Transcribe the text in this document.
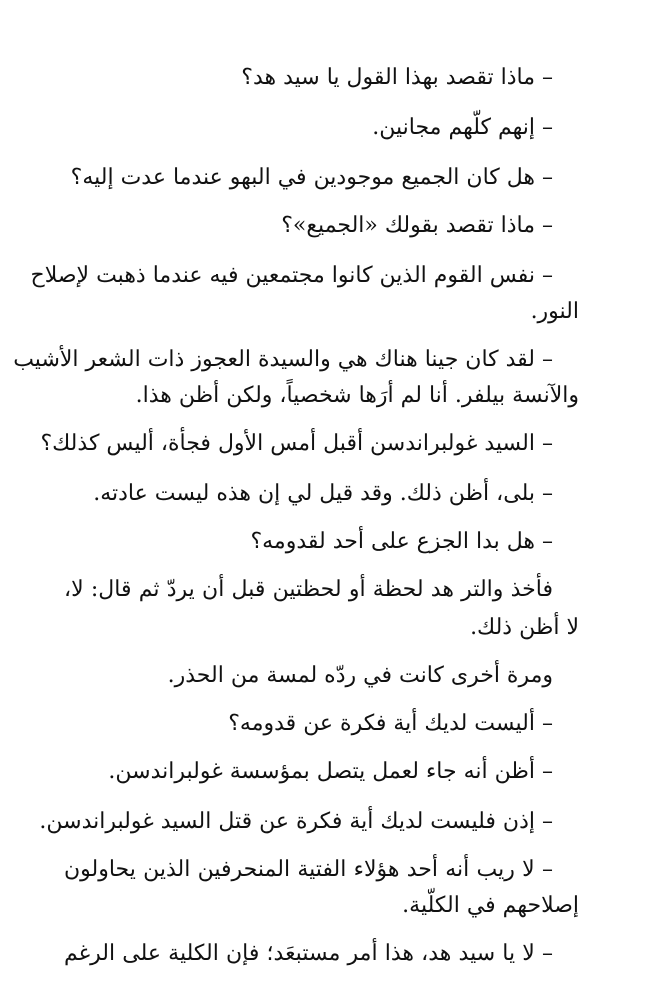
– ماذا تقصد بهذا القول يا سيد هد؟
– إنهم كلّهم مجانين.
– هل كان الجميع موجودين في البهو عندما عدت إليه؟
– ماذا تقصد بقولك «الجميع»؟
– نفس القوم الذين كانوا مجتمعين فيه عندما ذهبت لإصلاح
النور.
– لقد كان جينا هناك هي والسيدة العجوز ذات الشعر الأشيب
والآنسة بيلفر. أنا لم أرَها شخصياً، ولكن أظن هذا.
– السيد غولبراندسن أقبل أمس الأول فجأة، أليس كذلك؟
– بلى، أظن ذلك. وقد قيل لي إن هذه ليست عادته.
– هل بدا الجزع على أحد لقدومه؟
فأخذ والتر هد لحظة أو لحظتين قبل أن يردّ ثم قال: لا،
لا أظن ذلك.
ومرة أخرى كانت في ردّه لمسة من الحذر.
– أليست لديك أية فكرة عن قدومه؟
– أظن أنه جاء لعمل يتصل بمؤسسة غولبراندسن.
– إذن فليست لديك أية فكرة عن قتل السيد غولبراندسن.
– لا ريب أنه أحد هؤلاء الفتية المنحرفين الذين يحاولون
إصلاحهم في الكلّية.
– لا يا سيد هد، هذا أمر مستبعَد؛ فإن الكلية على الرغم
